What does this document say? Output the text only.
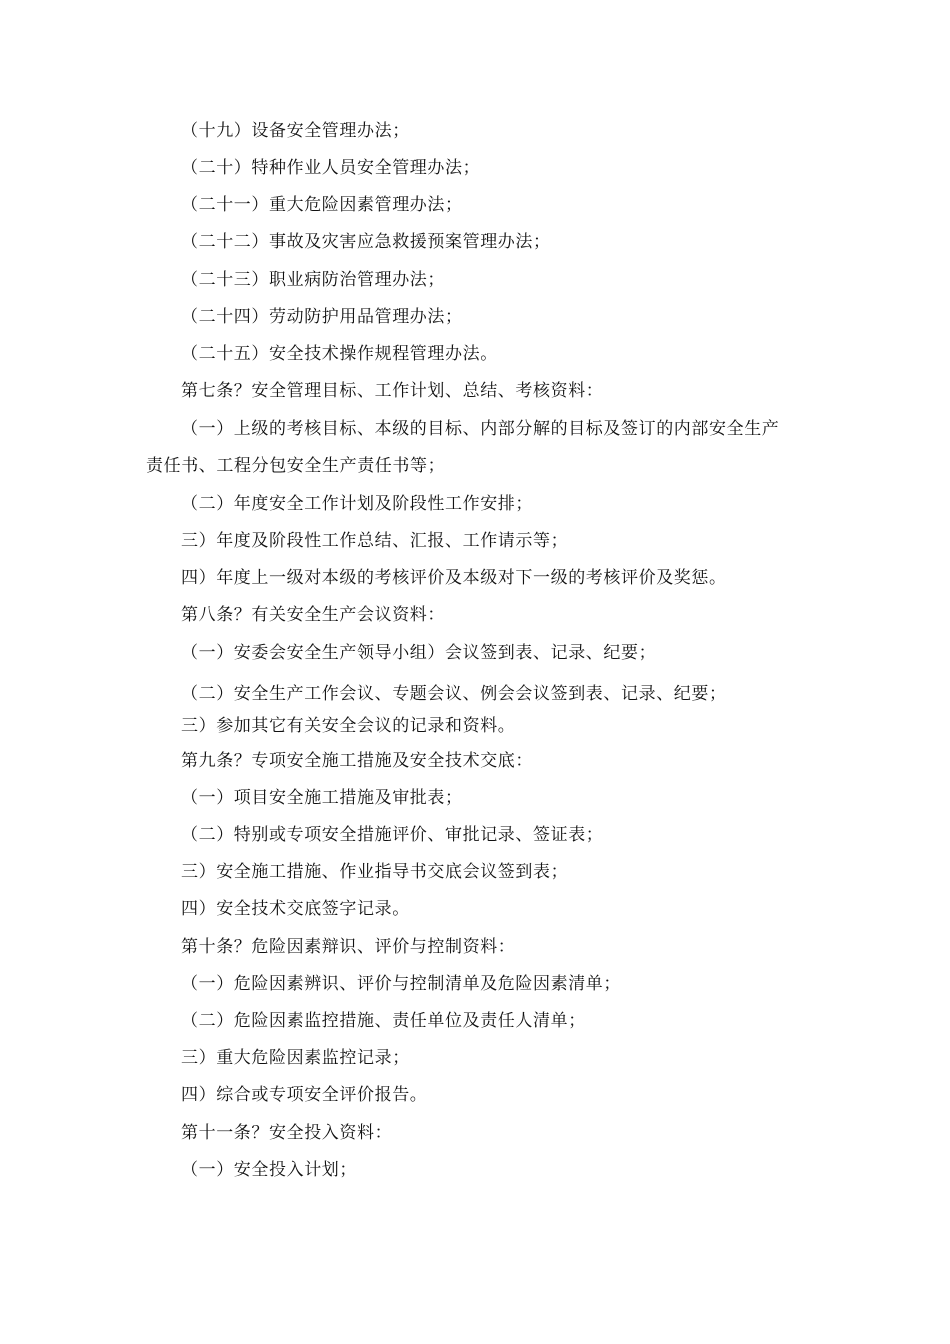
（十九）设备安全管理办法；
（二十）特种作业人员安全管理办法；
（二十一）重大危险因素管理办法；
（二十二）事故及灾害应急救援预案管理办法；
（二十三）职业病防治管理办法；
（二十四）劳动防护用品管理办法；
（二十五）安全技术操作规程管理办法。
第七条？安全管理目标、工作计划、总结、考核资料：
（一）上级的考核目标、本级的目标、内部分解的目标及签订的内部安全生产
责任书、工程分包安全生产责任书等；
（二）年度安全工作计划及阶段性工作安排；
三）年度及阶段性工作总结、汇报、工作请示等；
四）年度上一级对本级的考核评价及本级对下一级的考核评价及奖惩。
第八条？有关安全生产会议资料：
（一）安委会安全生产领导小组）会议签到表、记录、纪要；
（二）安全生产工作会议、专题会议、例会会议签到表、记录、纪要；
三）参加其它有关安全会议的记录和资料。
第九条？专项安全施工措施及安全技术交底：
（一）项目安全施工措施及审批表；
（二）特别或专项安全措施评价、审批记录、签证表；
三）安全施工措施、作业指导书交底会议签到表；
四）安全技术交底签字记录。
第十条？危险因素辩识、评价与控制资料：
（一）危险因素辨识、评价与控制清单及危险因素清单；
（二）危险因素监控措施、责任单位及责任人清单；
三）重大危险因素监控记录；
四）综合或专项安全评价报告。
第十一条？安全投入资料：
（一）安全投入计划；
